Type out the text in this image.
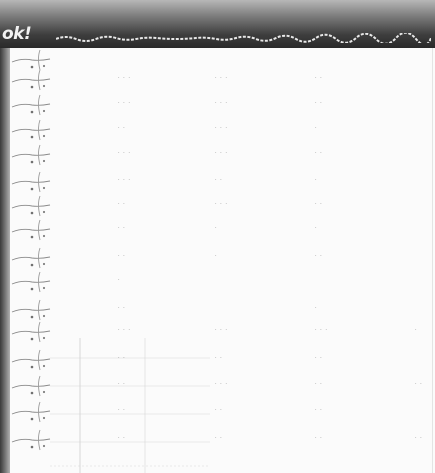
ok!
· · ·	· · ·	· ·
· · ·	· · ·	· ·
· ·	· · ·	·
· · ·	· · ·	· ·
· · ·	· ·	·
· ·	· · ·	· ·
· ·	·	·
· ·	·	· ·
·
· ·	·
· · ·	· · ·	· · ·	·
· ·	· ·	· ·
· ·	· · ·	· ·	· ·
· ·	· ·	· ·
· ·	· ·	· ·	· ·
